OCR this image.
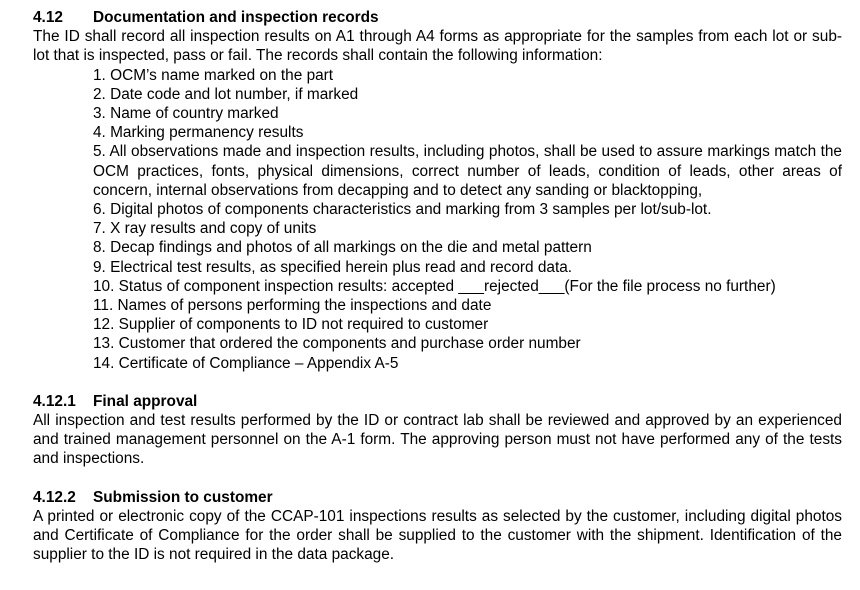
4.12 Documentation and inspection records

The ID shall record all inspection results on A1 through A4 forms as appropriate for the samples from each lot or sub-lot that is inspected, pass or fail. The records shall contain the following information:

1. OCM’s name marked on the part
2. Date code and lot number, if marked
3. Name of country marked
4. Marking permanency results
5. All observations made and inspection results, including photos, shall be used to assure markings match the OCM practices, fonts, physical dimensions, correct number of leads, condition of leads, other areas of concern, internal observations from decapping and to detect any sanding or blacktopping,
6. Digital photos of components characteristics and marking from 3 samples per lot/sub-lot.
7. X ray results and copy of units
8. Decap findings and photos of all markings on the die and metal pattern
9. Electrical test results, as specified herein plus read and record data.
10. Status of component inspection results: accepted ___rejected___(For the file process no further)
11. Names of persons performing the inspections and date
12. Supplier of components to ID not required to customer
13. Customer that ordered the components and purchase order number
14. Certificate of Compliance – Appendix A-5
4.12.1 Final approval

All inspection and test results performed by the ID or contract lab shall be reviewed and approved by an experienced and trained management personnel on the A-1 form. The approving person must not have performed any of the tests and inspections.

4.12.2 Submission to customer

A printed or electronic copy of the CCAP-101 inspections results as selected by the customer, including digital photos and Certificate of Compliance for the order shall be supplied to the customer with the shipment. Identification of the supplier to the ID is not required in the data package.
